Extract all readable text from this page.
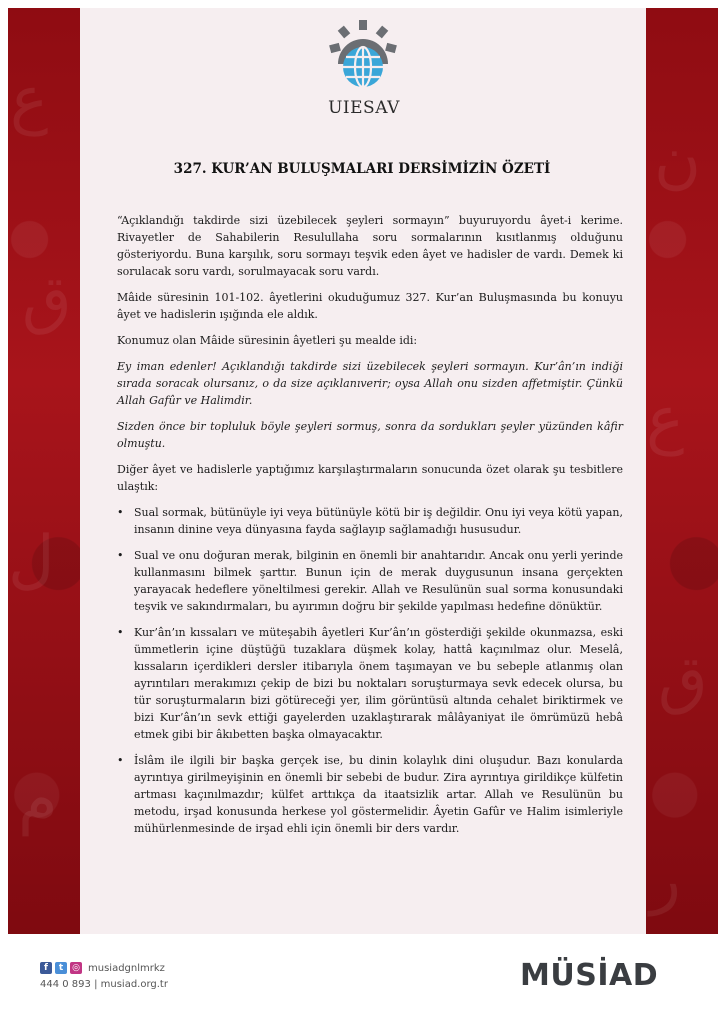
ع
ق
ل
م
ن
ع
ق
ر
UIESAV
327. KUR’AN BULUŞMALARI DERSİMİZİN ÖZETİ

“Açıklandığı takdirde sizi üzebilecek şeyleri sormayın” buyuruyordu âyet-i kerime. Rivayetler de Sahabilerin Resulullaha soru sormalarının kısıtlanmış olduğunu gösteriyordu. Buna karşılık, soru sormayı teşvik eden âyet ve hadisler de vardı. Demek ki sorulacak soru vardı, sorulmayacak soru vardı.

Mâide süresinin 101-102. âyetlerini okuduğumuz 327. Kur’an Buluşmasında bu konuyu âyet ve hadislerin ışığında ele aldık.

Konumuz olan Mâide süresinin âyetleri şu mealde idi:

Ey iman edenler! Açıklandığı takdirde sizi üzebilecek şeyleri sormayın. Kur’ân’ın indiği sırada soracak olursanız, o da size açıklanıverir; oysa Allah onu sizden affetmiştir. Çünkü Allah Gafûr ve Halimdir.

Sizden önce bir topluluk böyle şeyleri sormuş, sonra da sordukları şeyler yüzünden kâfir olmuştu.

Diğer âyet ve hadislerle yaptığımız karşılaştırmaların sonucunda özet olarak şu tesbitlere ulaştık:

• Sual sormak, bütünüyle iyi veya bütünüyle kötü bir iş değildir. Onu iyi veya kötü yapan, insanın dinine veya dünyasına fayda sağlayıp sağlamadığı hususudur.
• Sual ve onu doğuran merak, bilginin en önemli bir anahtarıdır. Ancak onu yerli yerinde kullanmasını bilmek şarttır. Bunun için de merak duygusunun insana gerçekten yarayacak hedeflere yöneltilmesi gerekir. Allah ve Resulünün sual sorma konusundaki teşvik ve sakındırmaları, bu ayırımın doğru bir şekilde yapılması hedefine dönüktür.
• Kur’ân’ın kıssaları ve müteşabih âyetleri Kur’ân’ın gösterdiği şekilde okunmazsa, eski ümmetlerin içine düştüğü tuzaklara düşmek kolay, hattâ kaçınılmaz olur. Meselâ, kıssaların içerdikleri dersler itibarıyla önem taşımayan ve bu sebeple atlanmış olan ayrıntıları merakımızı çekip de bizi bu noktaları soruşturmaya sevk edecek olursa, bu tür soruşturmaların bizi götüreceği yer, ilim görüntüsü altında cehalet biriktirmek ve bizi Kur’ân’ın sevk ettiği gayelerden uzaklaştırarak mâlâyaniyat ile ömrümüzü hebâ etmek gibi bir âkıbetten başka olmayacaktır.
• İslâm ile ilgili bir başka gerçek ise, bu dinin kolaylık dini oluşudur. Bazı konularda ayrıntıya girilmeyişinin en önemli bir sebebi de budur. Zira ayrıntıya girildikçe külfetin artması kaçınılmazdır; külfet arttıkça da itaatsizlik artar. Allah ve Resulünün bu metodu, irşad konusunda herkese yol göstermelidir. Âyetin Gafûr ve Halim isimleriyle mühürlenmesinde de irşad ehli için önemli bir ders vardır.
f	t ◎ musiadgnlmrkz
444 0 893 | musiad.org.tr	MÜSİAD
